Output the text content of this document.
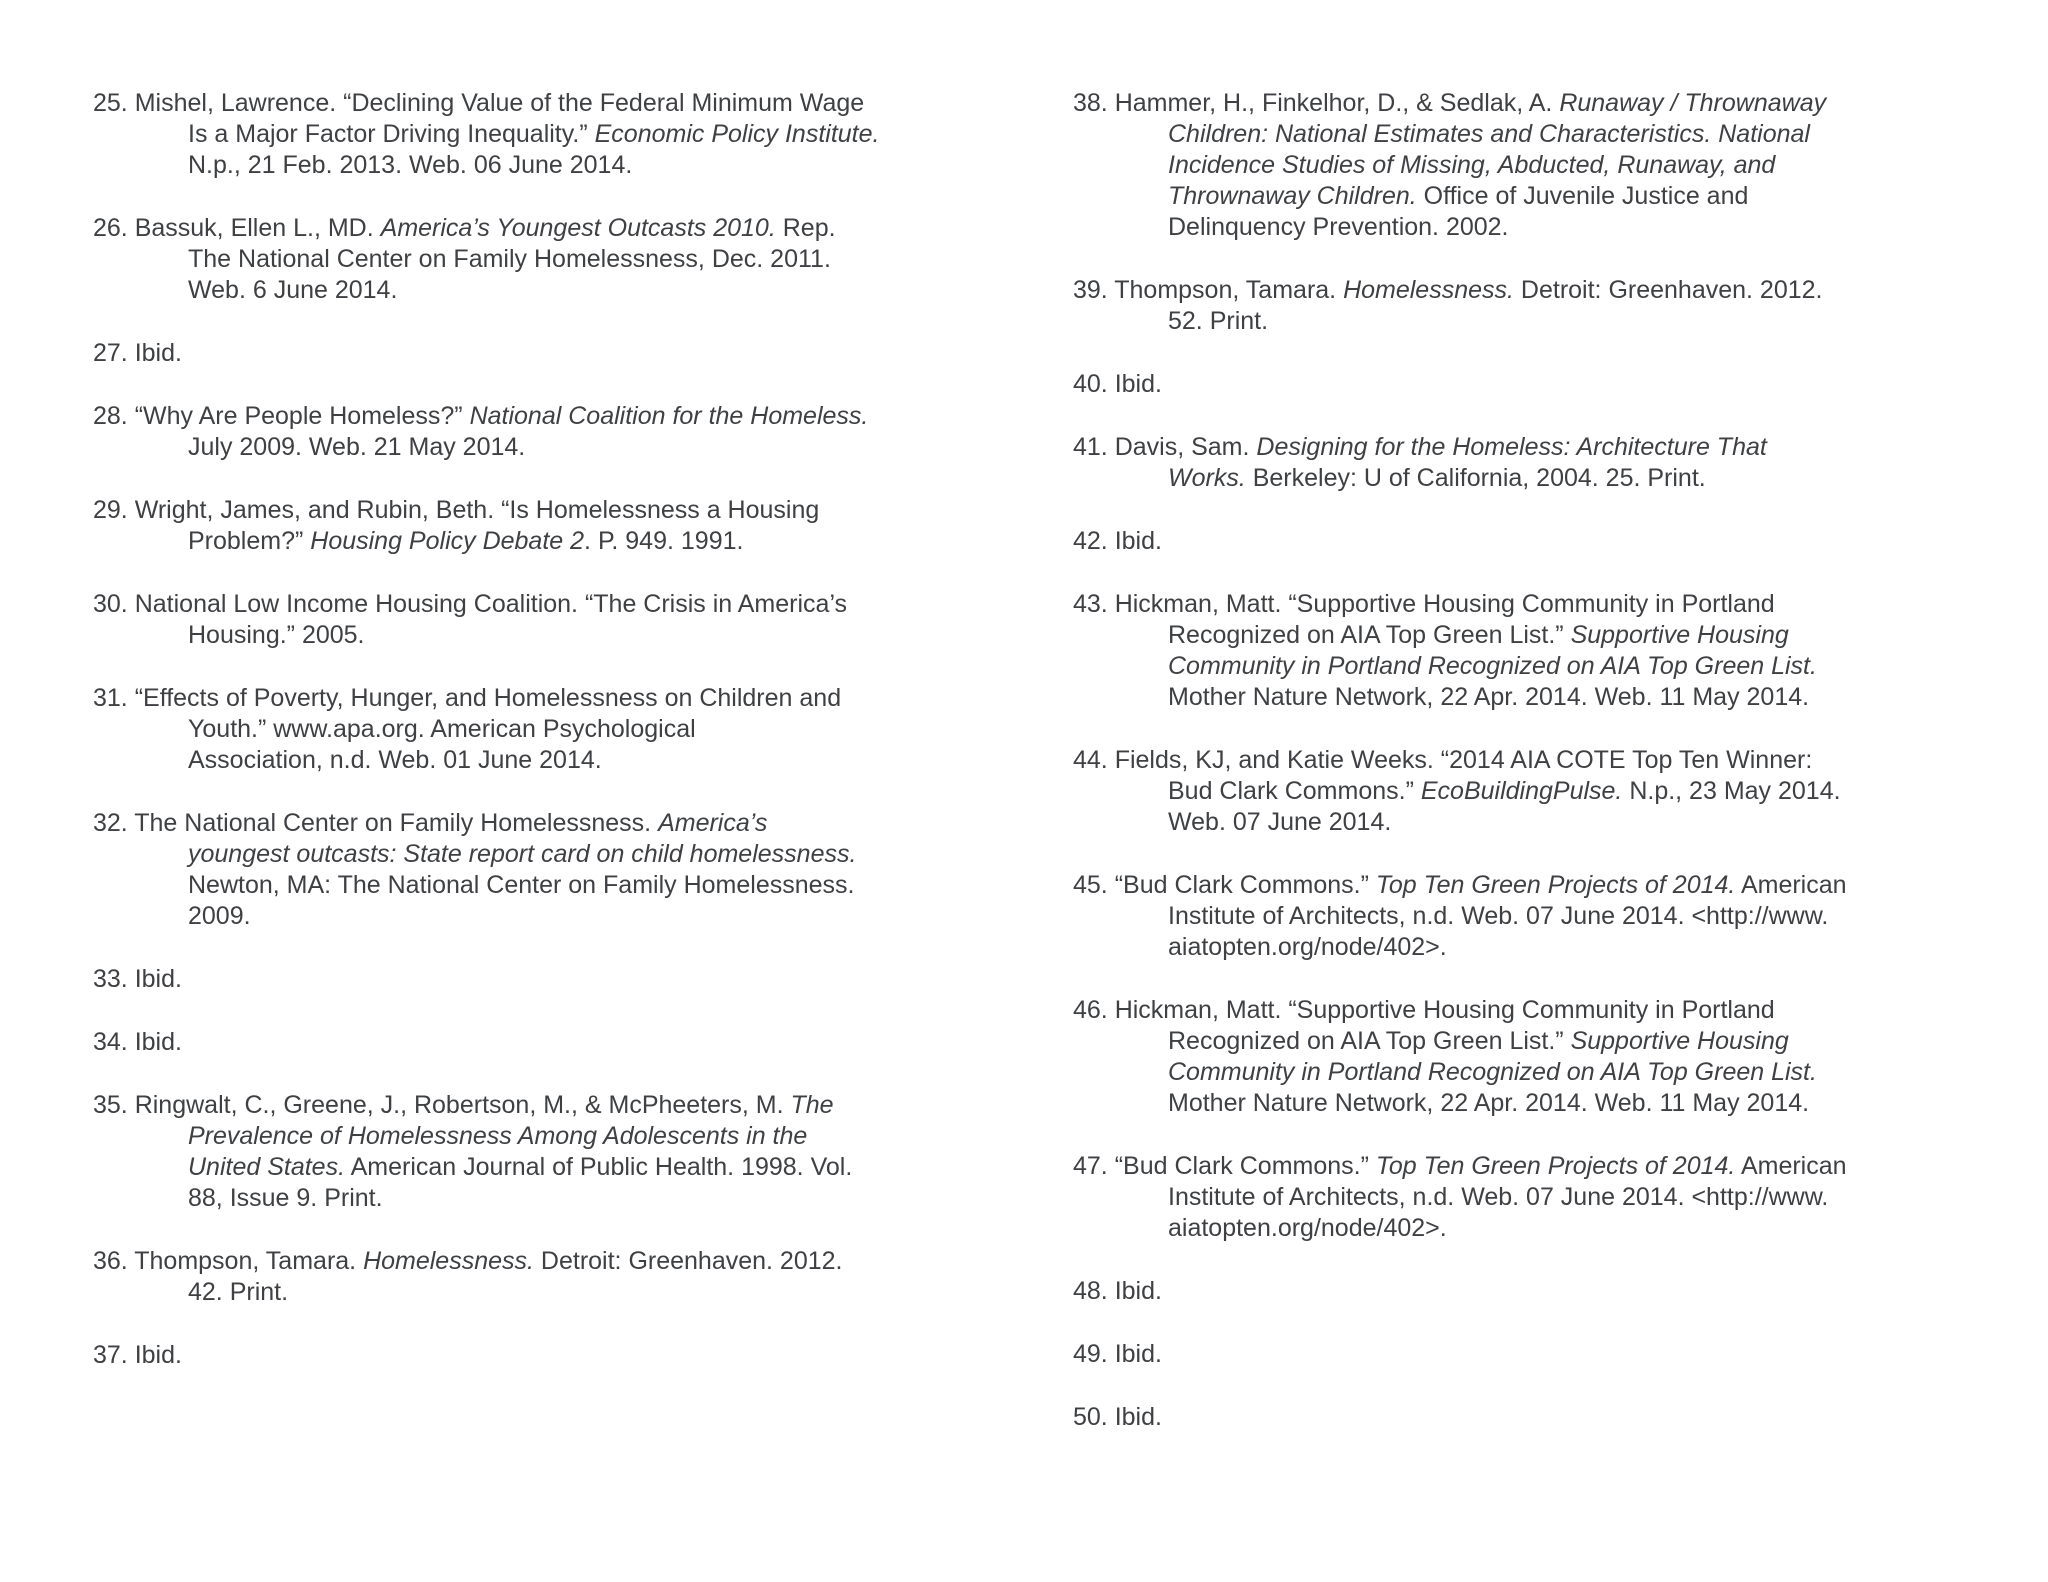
25. Mishel, Lawrence. “Declining Value of the Federal Minimum Wage
Is a Major Factor Driving Inequality.” Economic Policy Institute.
N.p., 21 Feb. 2013. Web. 06 June 2014.
26. Bassuk, Ellen L., MD. America’s Youngest Outcasts 2010. Rep.
The National Center on Family Homelessness, Dec. 2011.
Web. 6 June 2014.
27. Ibid.
28. “Why Are People Homeless?” National Coalition for the Homeless.
July 2009. Web. 21 May 2014.
29. Wright, James, and Rubin, Beth. “Is Homelessness a Housing
Problem?” Housing Policy Debate 2. P. 949. 1991.
30. National Low Income Housing Coalition. “The Crisis in America’s
Housing.” 2005.
31. “Effects of Poverty, Hunger, and Homelessness on Children and
Youth.” www.apa.org. American Psychological
Association, n.d. Web. 01 June 2014.
32. The National Center on Family Homelessness. America’s
youngest outcasts: State report card on child homelessness.
Newton, MA: The National Center on Family Homelessness.
2009.
33. Ibid.
34. Ibid.
35. Ringwalt, C., Greene, J., Robertson, M., & McPheeters, M. The
Prevalence of Homelessness Among Adolescents in the
United States. American Journal of Public Health. 1998. Vol.
88, Issue 9. Print.
36. Thompson, Tamara. Homelessness. Detroit: Greenhaven. 2012.
42. Print.
37. Ibid.
38. Hammer, H., Finkelhor, D., & Sedlak, A. Runaway / Thrownaway
Children: National Estimates and Characteristics. National
Incidence Studies of Missing, Abducted, Runaway, and
Thrownaway Children. Office of Juvenile Justice and
Delinquency Prevention. 2002.
39. Thompson, Tamara. Homelessness. Detroit: Greenhaven. 2012.
52. Print.
40. Ibid.
41. Davis, Sam. Designing for the Homeless: Architecture That
Works. Berkeley: U of California, 2004. 25. Print.
42. Ibid.
43. Hickman, Matt. “Supportive Housing Community in Portland
Recognized on AIA Top Green List.” Supportive Housing
Community in Portland Recognized on AIA Top Green List.
Mother Nature Network, 22 Apr. 2014. Web. 11 May 2014.
44. Fields, KJ, and Katie Weeks. “2014 AIA COTE Top Ten Winner:
Bud Clark Commons.” EcoBuildingPulse. N.p., 23 May 2014.
Web. 07 June 2014.
45. “Bud Clark Commons.” Top Ten Green Projects of 2014. American
Institute of Architects, n.d. Web. 07 June 2014. <http://www.
aiatopten.org/node/402>.
46. Hickman, Matt. “Supportive Housing Community in Portland
Recognized on AIA Top Green List.” Supportive Housing
Community in Portland Recognized on AIA Top Green List.
Mother Nature Network, 22 Apr. 2014. Web. 11 May 2014.
47. “Bud Clark Commons.” Top Ten Green Projects of 2014. American
Institute of Architects, n.d. Web. 07 June 2014. <http://www.
aiatopten.org/node/402>.
48. Ibid.
49. Ibid.
50. Ibid.
